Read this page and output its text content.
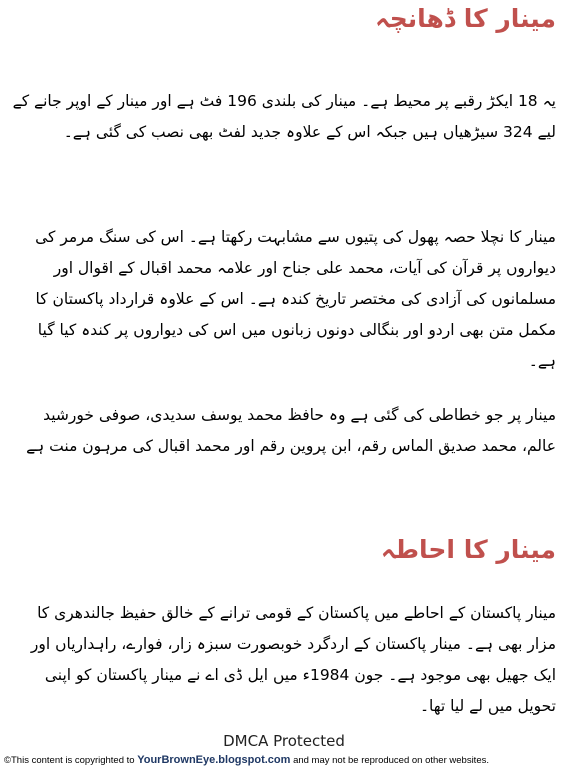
مینار کا ڈھانچہ

یہ 18 ایکڑ رقبے پر محیط ہے۔ مینار کی بلندی 196 فٹ ہے اور مینار کے اوپر جانے کے لیے 324 سیڑھیاں ہیں جبکہ اس کے علاوہ جدید لفٹ بھی نصب کی گئی ہے۔

مینار کا نچلا حصہ پھول کی پتیوں سے مشابہت رکھتا ہے۔ اس کی سنگ مرمر کی دیواروں پر قرآن کی آیات، محمد علی جناح اور علامہ محمد اقبال کے اقوال اور مسلمانوں کی آزادی کی مختصر تاریخ کندہ ہے۔ اس کے علاوہ قرارداد پاکستان کا مکمل متن بھی اردو اور بنگالی دونوں زبانوں میں اس کی دیواروں پر کندہ کیا گیا ہے۔

مینار پر جو خطاطی کی گئی ہے وہ حافظ محمد یوسف سدیدی، صوفی خورشید عالم، محمد صدیق الماس رقم، ابن پروین رقم اور محمد اقبال کی مرہون منت ہے

مینار کا احاطہ

مینار پاکستان کے احاطے میں پاکستان کے قومی ترانے کے خالق حفیظ جالندھری کا مزار بھی ہے۔ مینار پاکستان کے اردگرد خوبصورت سبزہ زار، فوارے، راہداریاں اور ایک جھیل بھی موجود ہے۔ جون 1984ء میں ایل ڈی اے نے مینار پاکستان کو اپنی تحویل میں لے لیا تھا۔

DMCA Protected
©This content is copyrighted to YourBrownEye.blogspot.com and may not be reproduced on other websites.
